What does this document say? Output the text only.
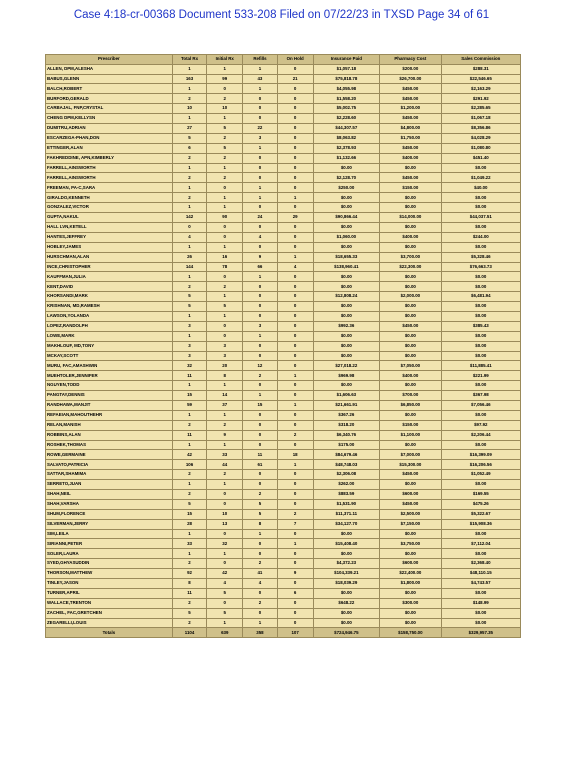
Case 4:18-cr-00368 Document 533-208 Filed on 07/22/23 in TXSD Page 34 of 61
Prescriber	Total Rx	Initial Rx	Refills	On Hold	Insurance Paid	Pharmacy Cost	Sales Commission
ALLEN, DPM,ALESHA	1	1	1	0	$1,057.18	$200.00	$288.31
BABUS,GLENN	163	99	43	21	$75,818.78	$26,700.00	$22,546.65
BALCH,ROBERT	1	0	1	0	$4,055.98	$450.00	$2,163.29
BURFORD,GERALD	2	2	0	0	$1,558.20	$450.00	$291.92
CARBAJAL, FNP,CRYSTAL	10	10	0	0	$5,002.75	$1,200.00	$2,285.65
CHENG DPM,KELLYSN	1	1	0	0	$2,228.60	$450.00	$1,067.18
DUMITRU,ADRIAN	27	5	22	0	$44,307.57	$4,800.00	$8,356.86
ESCARZEGA-PHAN,DON	5	2	3	0	$8,063.82	$1,750.00	$4,028.29
ETTINGER,ALAN	6	5	1	0	$2,378.93	$450.00	$1,080.80
FAKHREDDINE, APN,KIMBERLY	2	2	0	0	$1,132.66	$400.00	$451.40
FARRELL,AINSWORTH	1	1	0	0	$0.00	$0.00	$0.00
FARRELL,AINSWORTH	2	2	0	0	$2,128.70	$450.00	$1,049.22
FREEMAN, PA-C,SARA	1	0	1	0	$250.00	$150.00	$40.00
GIRALDO,KENNETH	2	1	1	1	$0.00	$0.00	$0.00
GONZALEZ,VICTOR	1	1	0	0	$0.00	$0.00	$0.00
GUPTA,NAKUL	142	90	24	29	$90,866.44	$14,000.00	$44,037.51
HALL LVN,KETELL	0	0	0	0	$0.00	$0.00	$0.00
HANTES,JEFFREY	4	0	4	0	$1,060.00	$400.00	$244.00
HOBLEY,JAMES	1	1	0	0	$0.00	$0.00	$0.00
HURSCHMAN,ALAN	26	16	9	1	$18,655.33	$3,700.00	$5,328.46
INCE,CHRISTOPHER	144	78	66	4	$138,960.41	$22,300.00	$76,663.73
KAUFFMAN,JULIA	1	0	1	0	$0.00	$0.00	$0.00
KENT,DAVID	2	2	0	0	$0.00	$0.00	$0.00
KHORSANDI,MARK	5	1	0	0	$12,808.24	$2,000.00	$6,481.94
KRISHNAN, MD,RAMESH	5	5	0	0	$0.00	$0.00	$0.00
LAWSON,YOLANDA	1	1	0	0	$0.00	$0.00	$0.00
LOPEZ,RANDOLPH	3	0	3	0	$992.36	$450.00	$385.43
LOWE,MARK	1	0	1	0	$0.00	$0.00	$0.00
MAKHLOUF, MD,TONY	3	3	0	0	$0.00	$0.00	$0.00
MCKAY,SCOTT	3	3	0	0	$0.00	$0.00	$0.00
MURU, FAC,AMASHWIN	32	20	12	0	$27,018.22	$7,050.00	$11,885.41
MUEHTOLER,JENNIFER	11	8	2	1	$969.98	$400.00	$221.99
NGUYEN,TODD	1	1	0	0	$0.00	$0.00	$0.00
PANGTAY,DENNIS	15	14	1	0	$1,606.63	$700.00	$367.98
RANDHAWA,MANJIT	59	37	15	1	$21,661.91	$6,850.00	$7,056.46
REFAEIAN,MAHOUTHEHR	1	1	0	0	$367.26	$0.00	$0.00
RELAN,MANISH	2	2	0	0	$318.20	$150.00	$97.92
ROBBINS,ALAN	11	9	0	2	$6,340.76	$1,100.00	$2,206.44
ROSHEK,THOMAS	1	1	0	0	$175.00	$0.00	$0.00
ROWE,GERMAINE	42	33	11	18	$84,679.46	$7,000.00	$16,399.09
SALVATO,PATRICIA	106	44	61	1	$48,748.03	$15,300.00	$16,206.56
SATTAR,SHAMIMA	2	2	0	0	$2,306.08	$450.00	$1,052.49
SERRETO,JUAN	1	1	0	0	$262.00	$0.00	$0.00
SHAH,NEIL	2	0	2	0	$883.59	$600.00	$169.55
SHAH,VARSHA	5	0	5	0	$1,531.90	$450.00	$475.26
SHUM,FLORENCE	15	10	5	2	$11,371.11	$2,500.00	$5,322.67
SILVERMAN,JERRY	28	13	8	7	$34,127.70	$7,150.00	$15,908.36
SIM,LEILA	1	0	1	0	$0.00	$0.00	$0.00
SIRIANNI,PETER	33	32	0	1	$15,408.40	$3,750.00	$7,112.04
SOLER,LAURA	1	1	0	0	$0.00	$0.00	$0.00
SYED,GHYASUDDIN	2	0	2	0	$4,372.23	$600.00	$2,368.40
THORSON,MATTHEW	92	42	41	9	$104,339.21	$22,400.00	$48,110.15
TINLEY,JASON	8	4	4	0	$18,039.29	$1,800.00	$4,743.57
TURNER,APRIL	11	5	0	6	$0.00	$0.00	$0.00
WALLACE,TRENTON	2	0	2	0	$648.22	$300.00	$148.99
ZACHEL, FAC,GRETCHEN	5	5	0	0	$0.00	$0.00	$0.00
ZEGARELLI,LOUIS	2	1	1	0	$0.00	$0.00	$0.00
Totals	1104	639	358	107	$724,946.75	$158,750.00	$329,957.35
